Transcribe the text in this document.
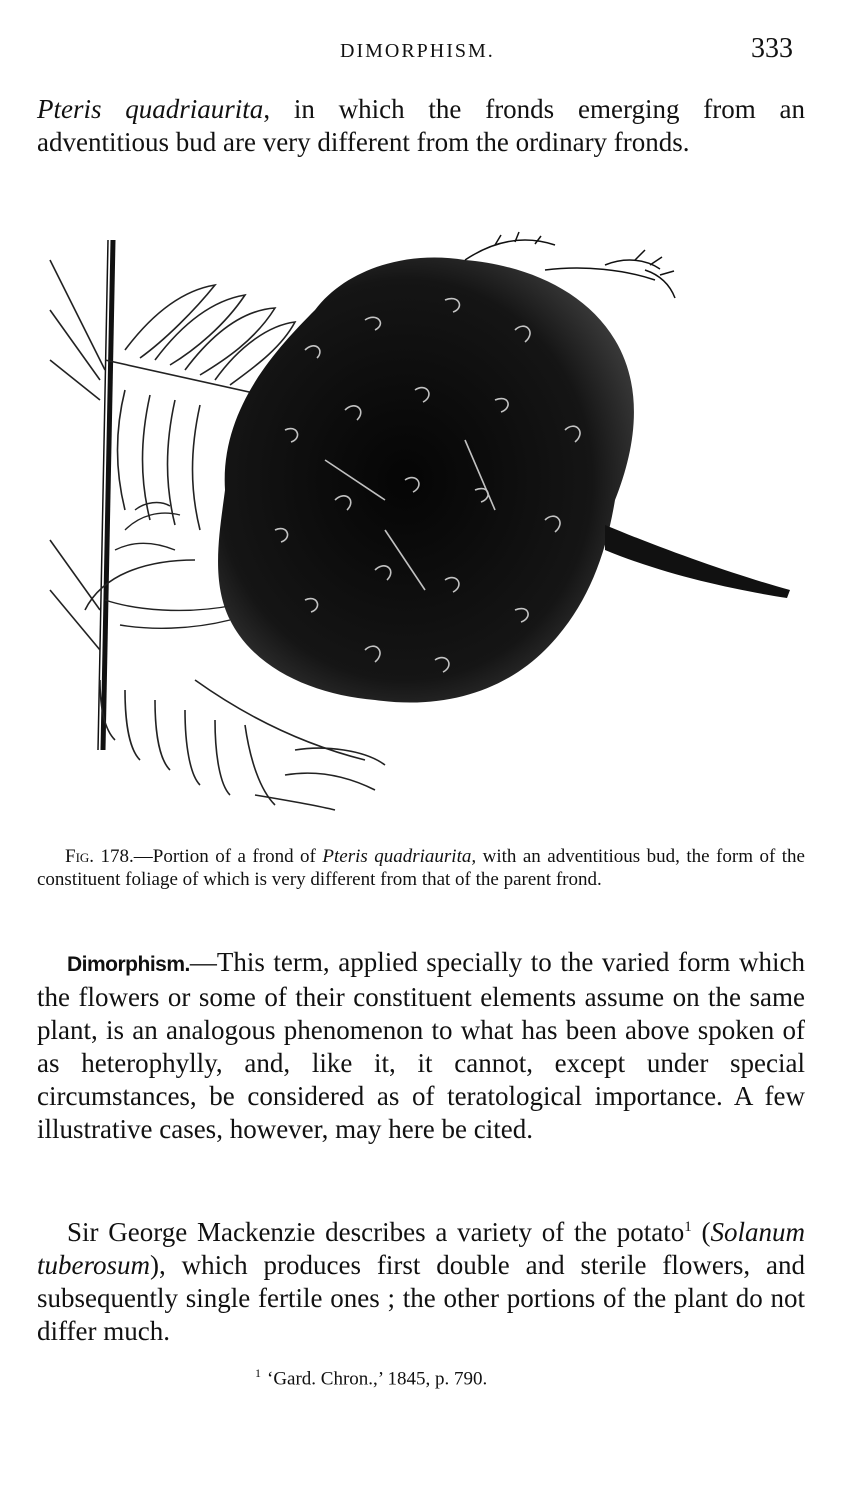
DIMORPHISM.	333

Pteris quadriaurita, in which the fronds emerging from an adventitious bud are very different from the ordinary fronds.

Fig. 178.—Portion of a frond of Pteris quadriaurita, with an adventitious bud, the form of the constituent foliage of which is very different from that of the parent frond.

Dimorphism.—This term, applied specially to the varied form which the flowers or some of their constituent elements assume on the same plant, is an analogous phenomenon to what has been above spoken of as heterophylly, and, like it, it cannot, except under special circumstances, be considered as of teratological importance. A few illustrative cases, however, may here be cited.

Sir George Mackenzie describes a variety of the potato$^1$ (Solanum tuberosum), which produces first double and sterile flowers, and subsequently single fertile ones ; the other portions of the plant do not differ much.

$^1$ ‘Gard. Chron.,’ 1845, p. 790.
